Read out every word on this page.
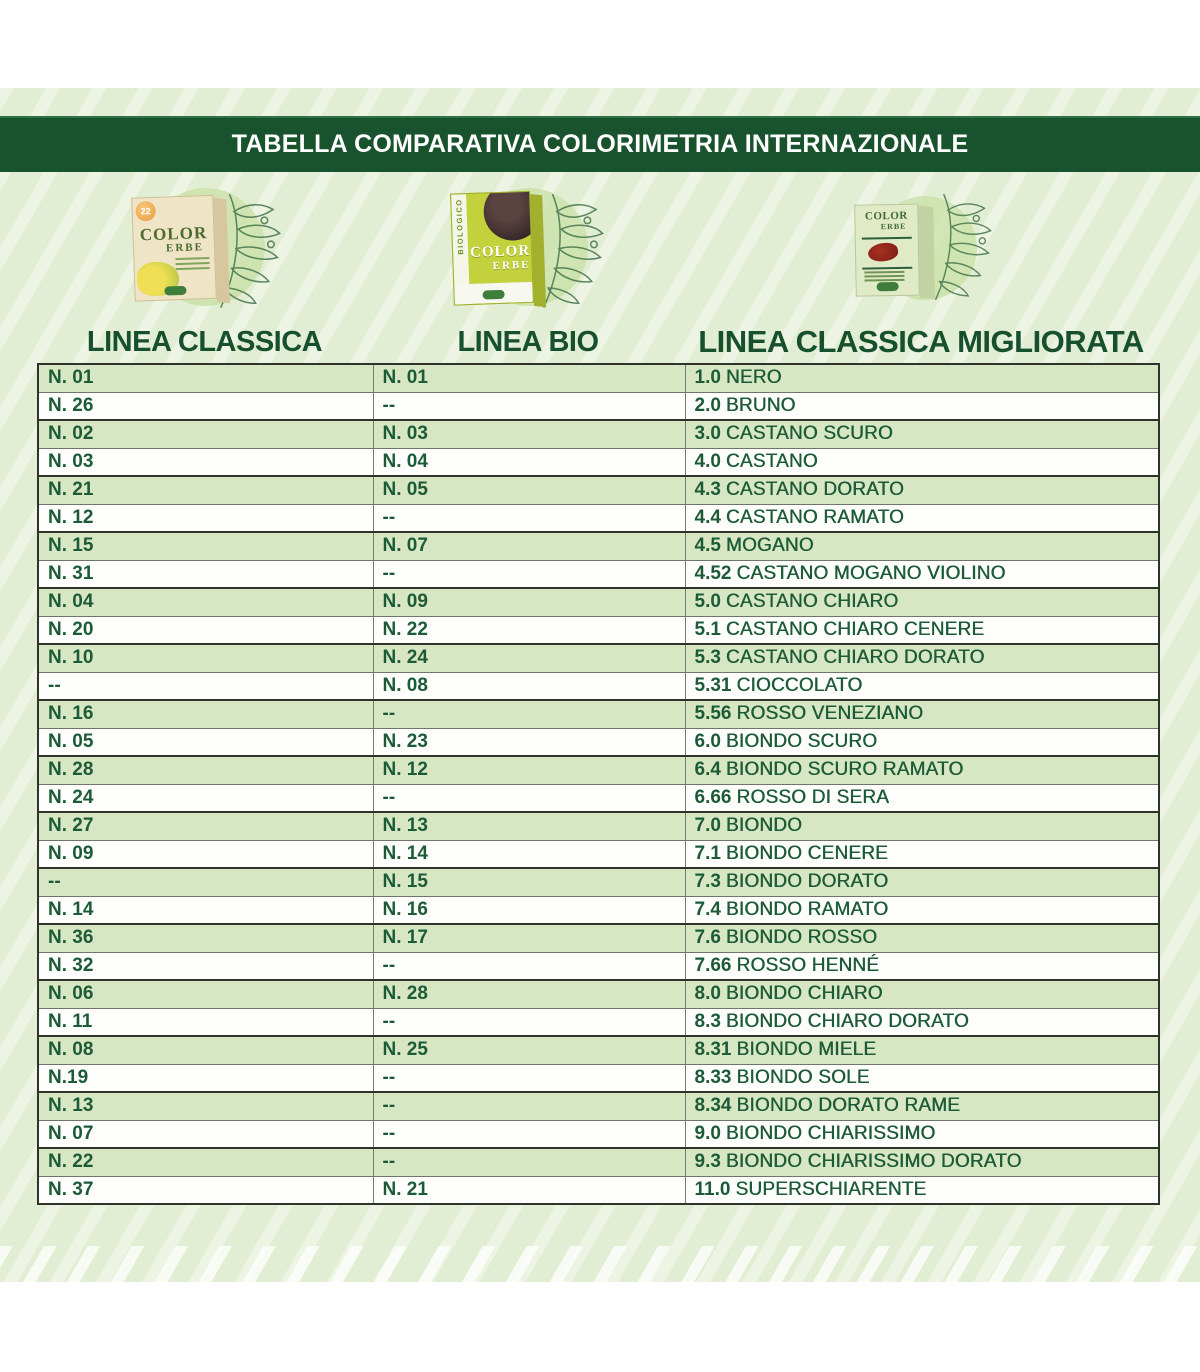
TABELLA COMPARATIVA COLORIMETRIA INTERNAZIONALE
22
COLOR
ERBE	BIOLOGICO COLOR
ERBE
COLOR
ERBE
LINEA CLASSICA	LINEA BIO	LINEA CLASSICA MIGLIORATA
N. 01	N. 01	1.0 NERO
N. 26	--	2.0 BRUNO
N. 02	N. 03	3.0 CASTANO SCURO
N. 03	N. 04	4.0 CASTANO
N. 21	N. 05	4.3 CASTANO DORATO
N. 12	--	4.4 CASTANO RAMATO
N. 15	N. 07	4.5 MOGANO
N. 31	--	4.52 CASTANO MOGANO VIOLINO
N. 04	N. 09	5.0 CASTANO CHIARO
N. 20	N. 22	5.1 CASTANO CHIARO CENERE
N. 10	N. 24	5.3 CASTANO CHIARO DORATO
--	N. 08	5.31 CIOCCOLATO
N. 16	--	5.56 ROSSO VENEZIANO
N. 05	N. 23	6.0 BIONDO SCURO
N. 28	N. 12	6.4 BIONDO SCURO RAMATO
N. 24	--	6.66 ROSSO DI SERA
N. 27	N. 13	7.0 BIONDO
N. 09	N. 14	7.1 BIONDO CENERE
--	N. 15	7.3 BIONDO DORATO
N. 14	N. 16	7.4 BIONDO RAMATO
N. 36	N. 17	7.6 BIONDO ROSSO
N. 32	--	7.66 ROSSO HENNÉ
N. 06	N. 28	8.0 BIONDO CHIARO
N. 11	--	8.3 BIONDO CHIARO DORATO
N. 08	N. 25	8.31 BIONDO MIELE
N.19	--	8.33 BIONDO SOLE
N. 13	--	8.34 BIONDO DORATO RAME
N. 07	--	9.0 BIONDO CHIARISSIMO
N. 22	--	9.3 BIONDO CHIARISSIMO DORATO
N. 37	N. 21	11.0 SUPERSCHIARENTE
